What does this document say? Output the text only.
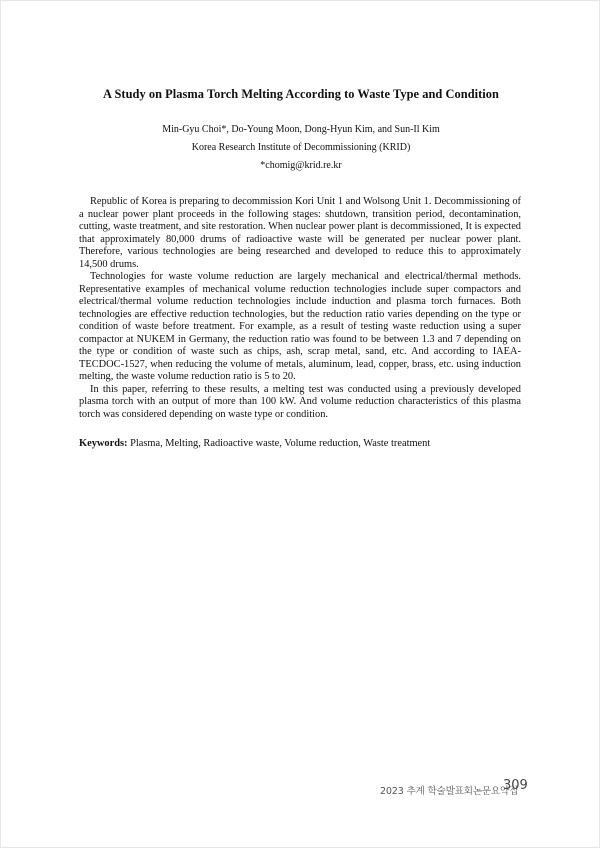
A Study on Plasma Torch Melting According to Waste Type and Condition
Min-Gyu Choi*, Do-Young Moon, Dong-Hyun Kim, and Sun-Il Kim
Korea Research Institute of Decommissioning (KRID)
*chomig@krid.re.kr

Republic of Korea is preparing to decommission Kori Unit 1 and Wolsong Unit 1. Decommissioning of a nuclear power plant proceeds in the following stages: shutdown, transition period, decontamination, cutting, waste treatment, and site restoration. When nuclear power plant is decommissioned, It is expected that approximately 80,000 drums of radioactive waste will be generated per nuclear power plant. Therefore, various technologies are being researched and developed to reduce this to approximately 14,500 drums.

Technologies for waste volume reduction are largely mechanical and electrical/thermal methods. Representative examples of mechanical volume reduction technologies include super compactors and electrical/thermal volume reduction technologies include induction and plasma torch furnaces. Both technologies are effective reduction technologies, but the reduction ratio varies depending on the type or condition of waste before treatment. For example, as a result of testing waste reduction using a super compactor at NUKEM in Germany, the reduction ratio was found to be between 1.3 and 7 depending on the type or condition of waste such as chips, ash, scrap metal, sand, etc. And according to IAEA-TECDOC-1527, when reducing the volume of metals, aluminum, lead, copper, brass, etc. using induction melting, the waste volume reduction ratio is 5 to 20.

In this paper, referring to these results, a melting test was conducted using a previously developed plasma torch with an output of more than 100 kW. And volume reduction characteristics of this plasma torch was considered depending on waste type or condition.

Keywords: Plasma, Melting, Radioactive waste, Volume reduction, Waste treatment
2023 추계 학술발표회논문요약집
309
